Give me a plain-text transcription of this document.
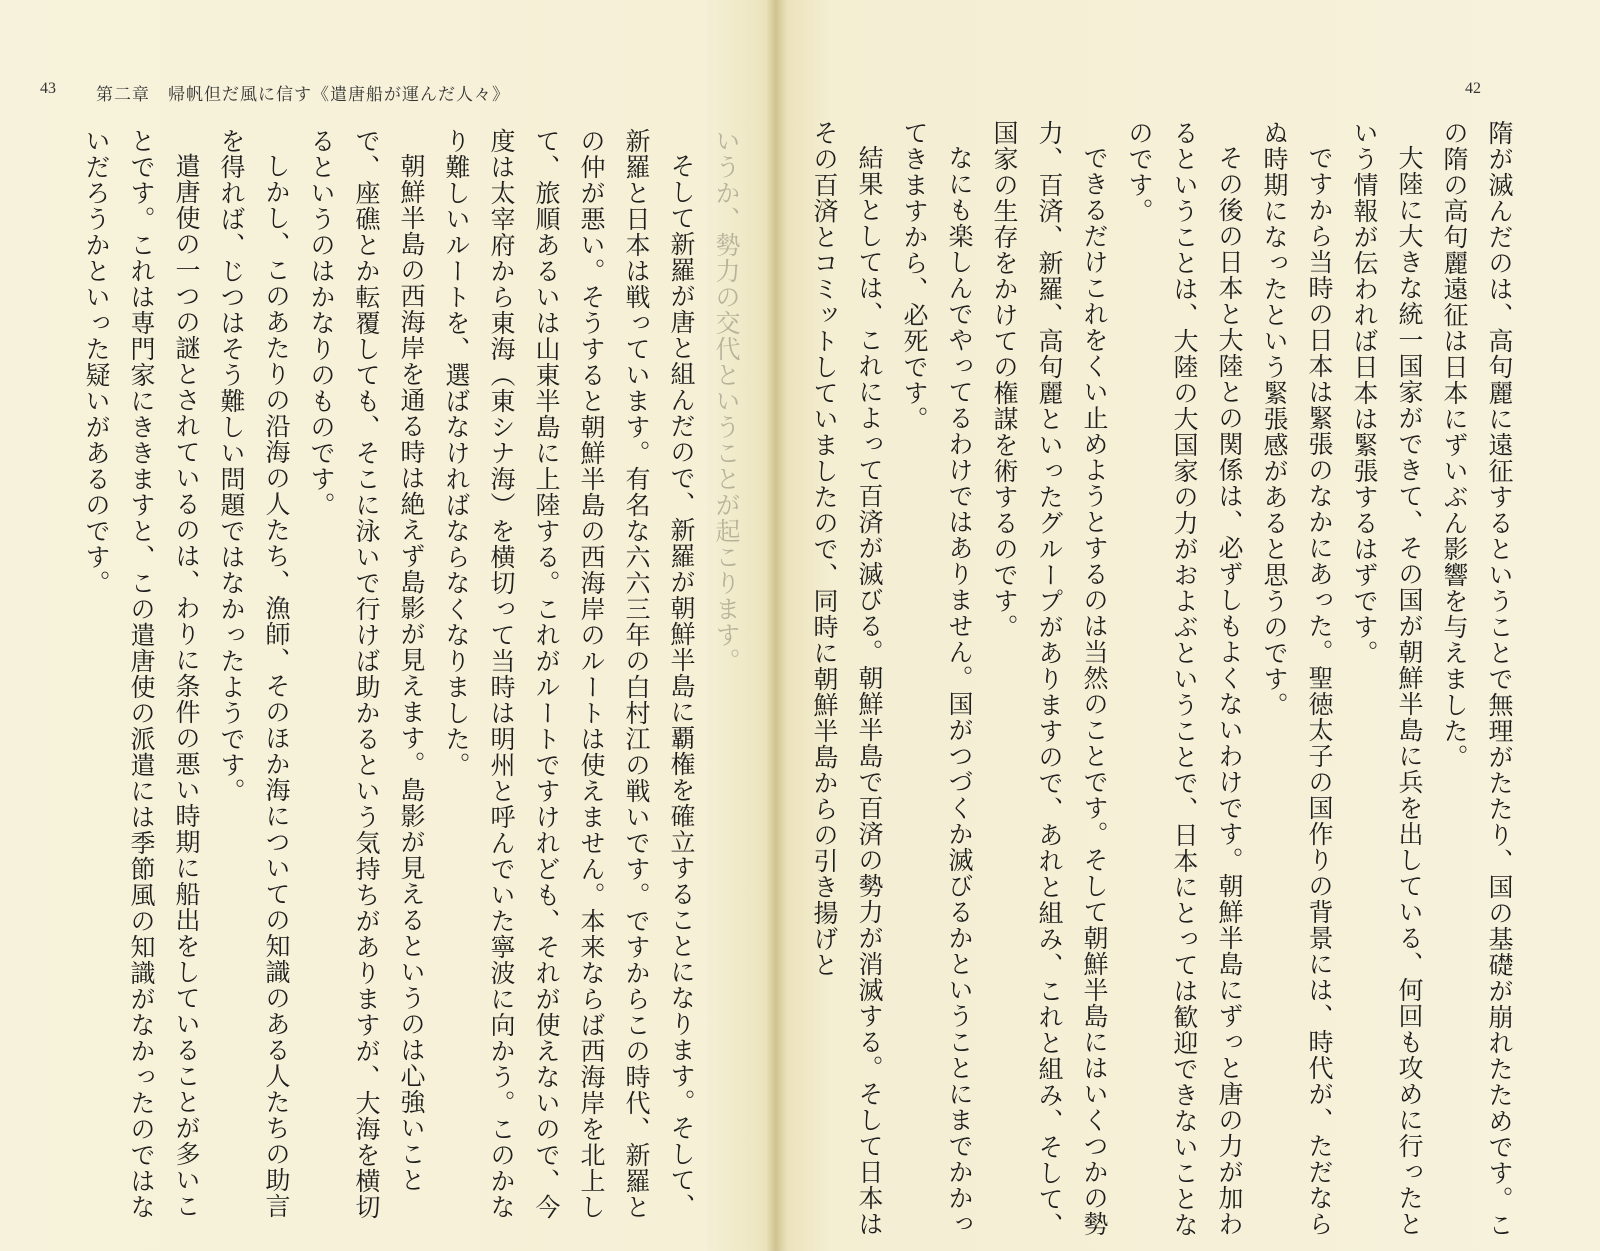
43 第二章　帰帆但だ風に信す《遣唐船が運んだ人々》

いうか、勢力の交代ということが起こります。

そして新羅が唐と組んだので、新羅が朝鮮半島に覇権を確立することになります。そして、新羅と日本は戦っています。有名な六六三年の白村江の戦いです。ですからこの時代、新羅との仲が悪い。そうすると朝鮮半島の西海岸のルートは使えません。本来ならば西海岸を北上して、旅順あるいは山東半島に上陸する。これがルートですけれども、それが使えないので、今度は太宰府から東海（東シナ海）を横切って当時は明州と呼んでいた寧波に向かう。このかなり難しいルートを、選ばなければならなくなりました。

朝鮮半島の西海岸を通る時は絶えず島影が見えます。島影が見えるというのは心強いことで、座礁とか転覆しても、そこに泳いで行けば助かるという気持ちがありますが、大海を横切るというのはかなりのものです。

しかし、このあたりの沿海の人たち、漁師、そのほか海についての知識のある人たちの助言を得れば、じつはそう難しい問題ではなかったようです。

遣唐使の一つの謎とされているのは、わりに条件の悪い時期に船出をしていることが多いことです。これは専門家にききますと、この遣唐使の派遣には季節風の知識がなかったのではないだろうかといった疑いがあるのです。

42

隋が滅んだのは、高句麗に遠征するということで無理がたたり、国の基礎が崩れたためです。この隋の高句麗遠征は日本にずいぶん影響を与えました。

大陸に大きな統一国家ができて、その国が朝鮮半島に兵を出している、何回も攻めに行ったという情報が伝われば日本は緊張するはずです。

ですから当時の日本は緊張のなかにあった。聖徳太子の国作りの背景には、時代が、ただならぬ時期になったという緊張感があると思うのです。

その後の日本と大陸との関係は、必ずしもよくないわけです。朝鮮半島にずっと唐の力が加わるということは、大陸の大国家の力がおよぶということで、日本にとっては歓迎できないことなのです。

できるだけこれをくい止めようとするのは当然のことです。そして朝鮮半島にはいくつかの勢力、百済、新羅、高句麗といったグループがありますので、あれと組み、これと組み、そして、国家の生存をかけての権謀を術するのです。

なにも楽しんでやってるわけではありません。国がつづくか滅びるかということにまでかかってきますから、必死です。

結果としては、これによって百済が滅びる。朝鮮半島で百済の勢力が消滅する。そして日本はその百済とコミットしていましたので、同時に朝鮮半島からの引き揚げと
